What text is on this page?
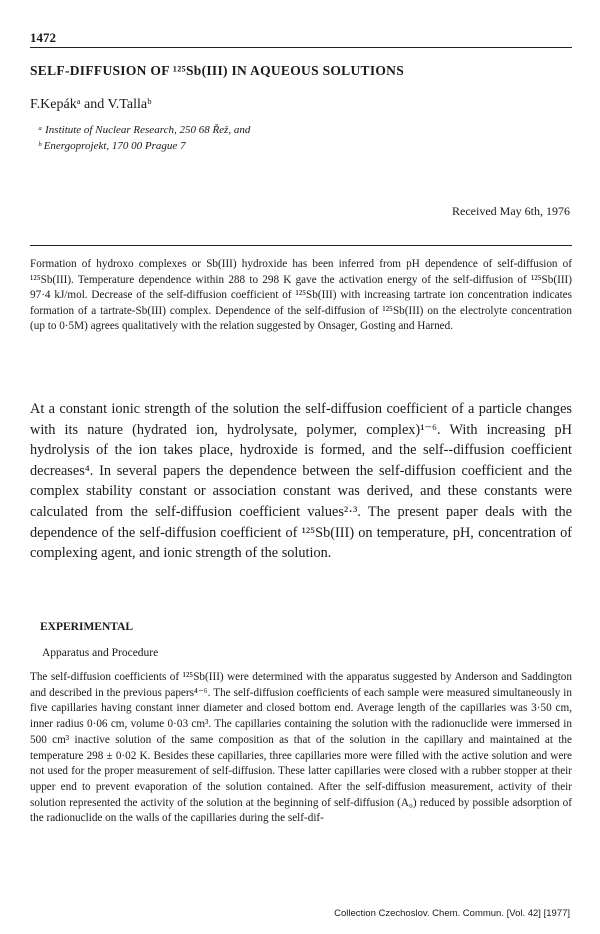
1472
SELF-DIFFUSION OF ¹²⁵Sb(III) IN AQUEOUS SOLUTIONS
F.Kepákᵃ and V.Tallaᵇ
ᵃ Institute of Nuclear Research, 250 68 Řež, and
ᵇ Energoprojekt, 170 00 Prague 7
Received May 6th, 1976

Formation of hydroxo complexes or Sb(III) hydroxide has been inferred from pH dependence of self-diffusion of ¹²⁵Sb(III). Temperature dependence within 288 to 298 K gave the activation energy of the self-diffusion of ¹²⁵Sb(III) 97·4 kJ/mol. Decrease of the self-diffusion coefficient of ¹²⁵Sb(III) with increasing tartrate ion concentration indicates formation of a tartrate-Sb(III) complex. Dependence of the self-diffusion of ¹²⁵Sb(III) on the electrolyte concentration (up to 0·5M) agrees qualitatively with the relation suggested by Onsager, Gosting and Harned.

At a constant ionic strength of the solution the self-diffusion coefficient of a particle changes with its nature (hydrated ion, hydrolysate, polymer, complex)¹⁻⁶. With increasing pH hydrolysis of the ion takes place, hydroxide is formed, and the self--diffusion coefficient decreases⁴. In several papers the dependence between the self-diffusion coefficient and the complex stability constant or association constant was derived, and these constants were calculated from the self-diffusion coefficient values²·³. The present paper deals with the dependence of the self-diffusion coefficient of ¹²⁵Sb(III) on temperature, pH, concentration of complexing agent, and ionic strength of the solution.

EXPERIMENTAL
Apparatus and Procedure

The self-diffusion coefficients of ¹²⁵Sb(III) were determined with the apparatus suggested by Anderson and Saddington and described in the previous papers⁴⁻⁶. The self-diffusion coefficients of each sample were measured simultaneously in five capillaries having constant inner diameter and closed bottom end. Average length of the capillaries was 3·50 cm, inner radius 0·06 cm, volume 0·03 cm³. The capillaries containing the solution with the radionuclide were immersed in 500 cm³ inactive solution of the same composition as that of the solution in the capillary and maintained at the temperature 298 ± 0·02 K. Besides these capillaries, three capillaries more were filled with the active solution and were not used for the proper measurement of self-diffusion. These latter capillaries were closed with a rubber stopper at their upper end to prevent evaporation of the solution contained. After the self-diffusion measurement, activity of their solution represented the activity of the solution at the beginning of self-diffusion (A₀) reduced by possible adsorption of the radionuclide on the walls of the capillaries during the self-dif-

Collection Czechoslov. Chem. Commun. [Vol. 42] [1977]
